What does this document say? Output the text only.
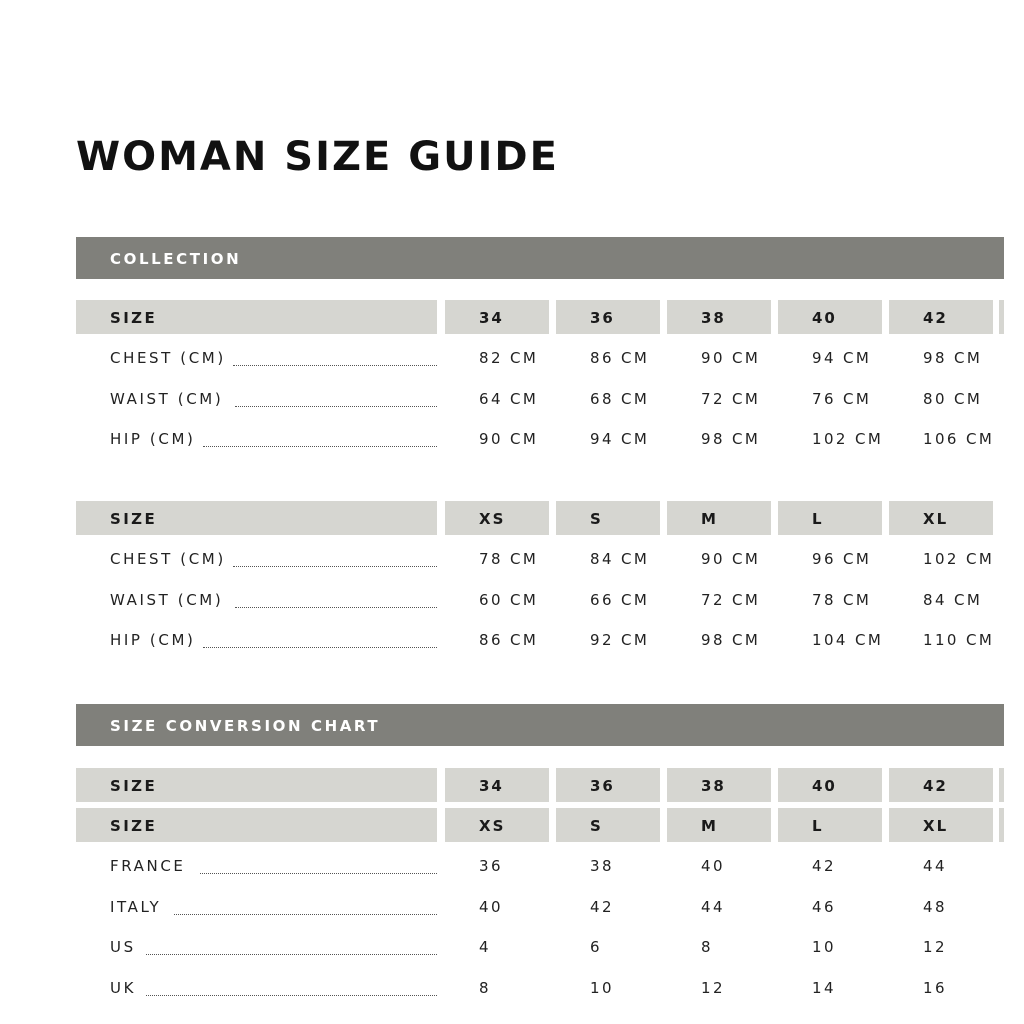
WOMAN SIZE GUIDE
COLLECTION
SIZE	34	36	38	40	42
CHEST (CM)	82 CM	86 CM	90 CM	94 CM	98 CM
WAIST (CM)	64 CM	68 CM	72 CM	76 CM	80 CM
HIP (CM)	90 CM	94 CM	98 CM	102 CM	106 CM
SIZE	XS	S	M	L	XL
CHEST (CM)	78 CM	84 CM	90 CM	96 CM	102 CM
WAIST (CM)	60 CM	66 CM	72 CM	78 CM	84 CM
HIP (CM)	86 CM	92 CM	98 CM	104 CM	110 CM
SIZE CONVERSION CHART
SIZE	34	36	38	40	42
SIZE	XS	S	M	L	XL
FRANCE	36	38	40	42	44
ITALY	40	42	44	46	48
US	4	6	8	10	12
UK	8	10	12	14	16
